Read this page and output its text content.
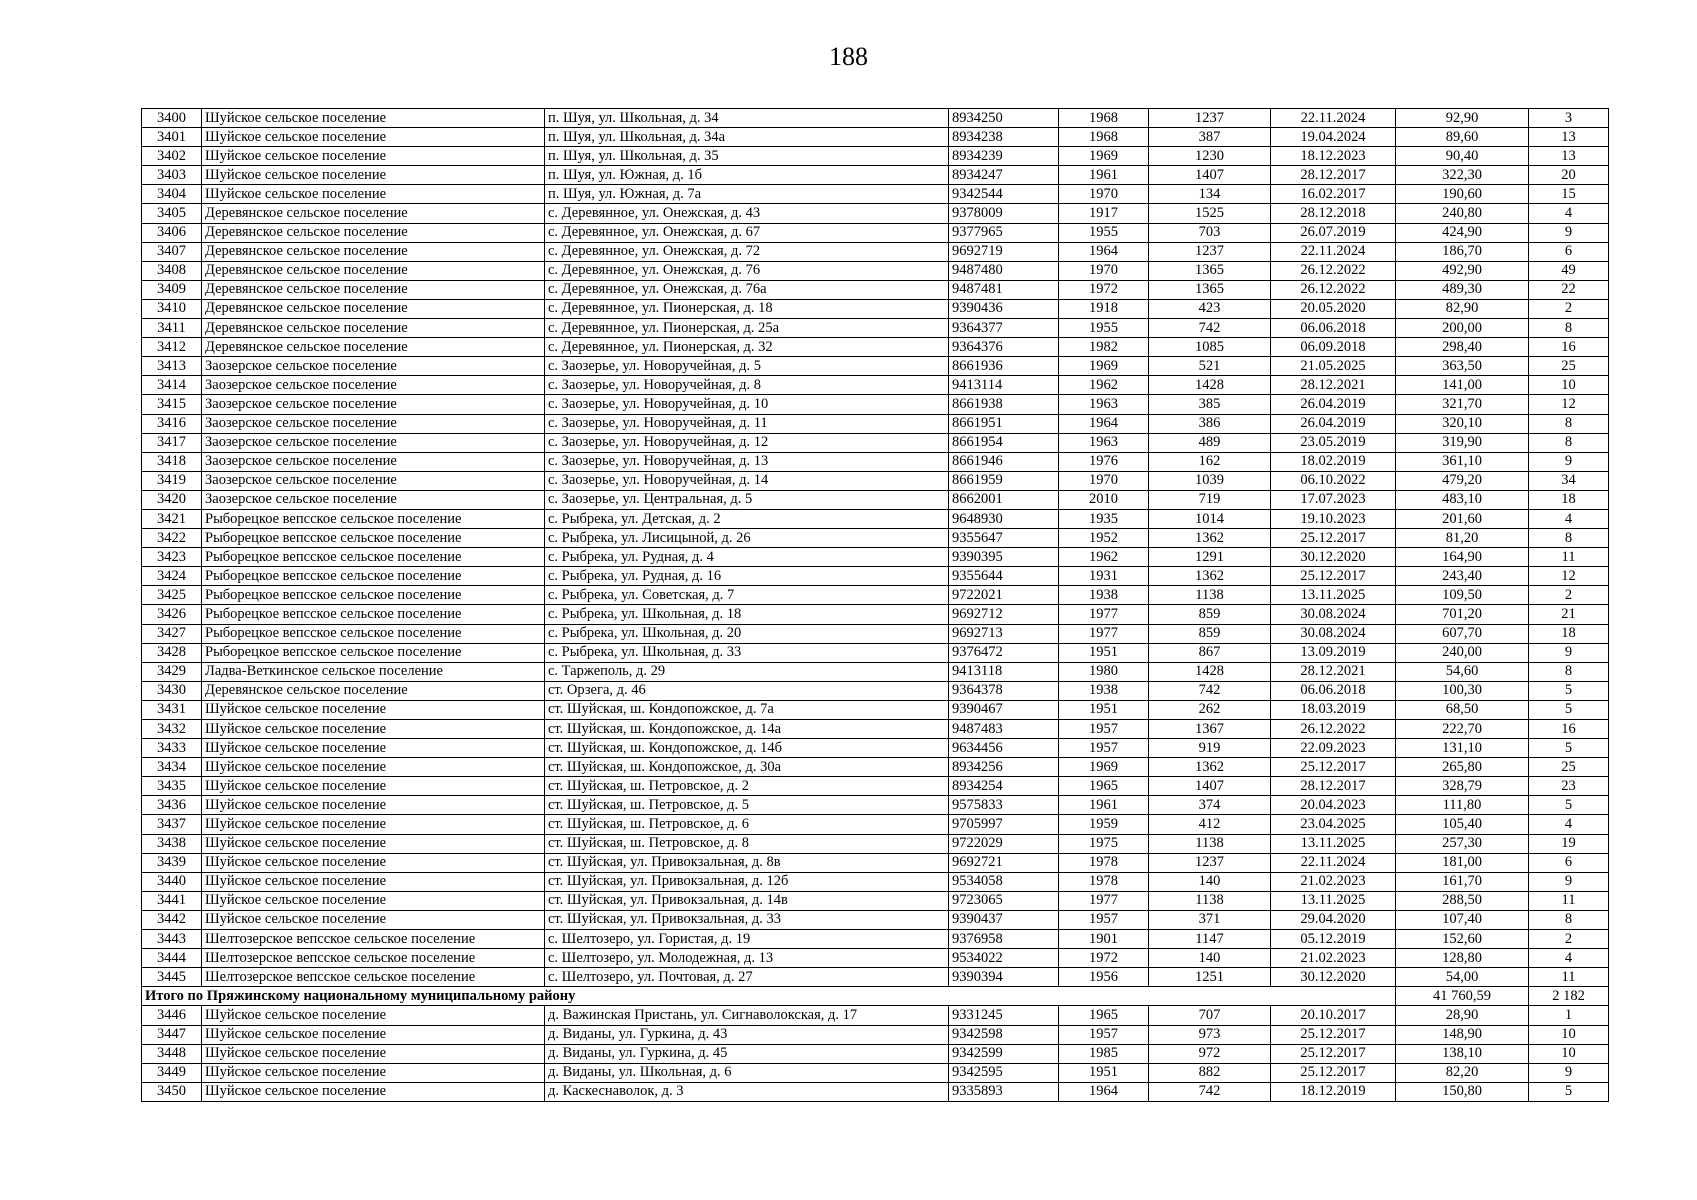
188
3400	Шуйское сельское поселение	п. Шуя, ул. Школьная, д. 34	8934250	1968	1237	22.11.2024	92,90	3
3401	Шуйское сельское поселение	п. Шуя, ул. Школьная, д. 34а	8934238	1968	387	19.04.2024	89,60	13
3402	Шуйское сельское поселение	п. Шуя, ул. Школьная, д. 35	8934239	1969	1230	18.12.2023	90,40	13
3403	Шуйское сельское поселение	п. Шуя, ул. Южная, д. 1б	8934247	1961	1407	28.12.2017	322,30	20
3404	Шуйское сельское поселение	п. Шуя, ул. Южная, д. 7а	9342544	1970	134	16.02.2017	190,60	15
3405	Деревянское сельское поселение	с. Деревянное, ул. Онежская, д. 43	9378009	1917	1525	28.12.2018	240,80	4
3406	Деревянское сельское поселение	с. Деревянное, ул. Онежская, д. 67	9377965	1955	703	26.07.2019	424,90	9
3407	Деревянское сельское поселение	с. Деревянное, ул. Онежская, д. 72	9692719	1964	1237	22.11.2024	186,70	6
3408	Деревянское сельское поселение	с. Деревянное, ул. Онежская, д. 76	9487480	1970	1365	26.12.2022	492,90	49
3409	Деревянское сельское поселение	с. Деревянное, ул. Онежская, д. 76а	9487481	1972	1365	26.12.2022	489,30	22
3410	Деревянское сельское поселение	с. Деревянное, ул. Пионерская, д. 18	9390436	1918	423	20.05.2020	82,90	2
3411	Деревянское сельское поселение	с. Деревянное, ул. Пионерская, д. 25а	9364377	1955	742	06.06.2018	200,00	8
3412	Деревянское сельское поселение	с. Деревянное, ул. Пионерская, д. 32	9364376	1982	1085	06.09.2018	298,40	16
3413	Заозерское сельское поселение	с. Заозерье, ул. Новоручейная, д. 5	8661936	1969	521	21.05.2025	363,50	25
3414	Заозерское сельское поселение	с. Заозерье, ул. Новоручейная, д. 8	9413114	1962	1428	28.12.2021	141,00	10
3415	Заозерское сельское поселение	с. Заозерье, ул. Новоручейная, д. 10	8661938	1963	385	26.04.2019	321,70	12
3416	Заозерское сельское поселение	с. Заозерье, ул. Новоручейная, д. 11	8661951	1964	386	26.04.2019	320,10	8
3417	Заозерское сельское поселение	с. Заозерье, ул. Новоручейная, д. 12	8661954	1963	489	23.05.2019	319,90	8
3418	Заозерское сельское поселение	с. Заозерье, ул. Новоручейная, д. 13	8661946	1976	162	18.02.2019	361,10	9
3419	Заозерское сельское поселение	с. Заозерье, ул. Новоручейная, д. 14	8661959	1970	1039	06.10.2022	479,20	34
3420	Заозерское сельское поселение	с. Заозерье, ул. Центральная, д. 5	8662001	2010	719	17.07.2023	483,10	18
3421	Рыборецкое вепсское сельское поселение	с. Рыбрека, ул. Детская, д. 2	9648930	1935	1014	19.10.2023	201,60	4
3422	Рыборецкое вепсское сельское поселение	с. Рыбрека, ул. Лисицыной, д. 26	9355647	1952	1362	25.12.2017	81,20	8
3423	Рыборецкое вепсское сельское поселение	с. Рыбрека, ул. Рудная, д. 4	9390395	1962	1291	30.12.2020	164,90	11
3424	Рыборецкое вепсское сельское поселение	с. Рыбрека, ул. Рудная, д. 16	9355644	1931	1362	25.12.2017	243,40	12
3425	Рыборецкое вепсское сельское поселение	с. Рыбрека, ул. Советская, д. 7	9722021	1938	1138	13.11.2025	109,50	2
3426	Рыборецкое вепсское сельское поселение	с. Рыбрека, ул. Школьная, д. 18	9692712	1977	859	30.08.2024	701,20	21
3427	Рыборецкое вепсское сельское поселение	с. Рыбрека, ул. Школьная, д. 20	9692713	1977	859	30.08.2024	607,70	18
3428	Рыборецкое вепсское сельское поселение	с. Рыбрека, ул. Школьная, д. 33	9376472	1951	867	13.09.2019	240,00	9
3429	Ладва-Веткинское сельское поселение	с. Таржеполь, д. 29	9413118	1980	1428	28.12.2021	54,60	8
3430	Деревянское сельское поселение	ст. Орзега, д. 46	9364378	1938	742	06.06.2018	100,30	5
3431	Шуйское сельское поселение	ст. Шуйская, ш. Кондопожское, д. 7а	9390467	1951	262	18.03.2019	68,50	5
3432	Шуйское сельское поселение	ст. Шуйская, ш. Кондопожское, д. 14а	9487483	1957	1367	26.12.2022	222,70	16
3433	Шуйское сельское поселение	ст. Шуйская, ш. Кондопожское, д. 14б	9634456	1957	919	22.09.2023	131,10	5
3434	Шуйское сельское поселение	ст. Шуйская, ш. Кондопожское, д. 30а	8934256	1969	1362	25.12.2017	265,80	25
3435	Шуйское сельское поселение	ст. Шуйская, ш. Петровское, д. 2	8934254	1965	1407	28.12.2017	328,79	23
3436	Шуйское сельское поселение	ст. Шуйская, ш. Петровское, д. 5	9575833	1961	374	20.04.2023	111,80	5
3437	Шуйское сельское поселение	ст. Шуйская, ш. Петровское, д. 6	9705997	1959	412	23.04.2025	105,40	4
3438	Шуйское сельское поселение	ст. Шуйская, ш. Петровское, д. 8	9722029	1975	1138	13.11.2025	257,30	19
3439	Шуйское сельское поселение	ст. Шуйская, ул. Привокзальная, д. 8в	9692721	1978	1237	22.11.2024	181,00	6
3440	Шуйское сельское поселение	ст. Шуйская, ул. Привокзальная, д. 12б	9534058	1978	140	21.02.2023	161,70	9
3441	Шуйское сельское поселение	ст. Шуйская, ул. Привокзальная, д. 14в	9723065	1977	1138	13.11.2025	288,50	11
3442	Шуйское сельское поселение	ст. Шуйская, ул. Привокзальная, д. 33	9390437	1957	371	29.04.2020	107,40	8
3443	Шелтозерское вепсское сельское поселение	с. Шелтозеро, ул. Гористая, д. 19	9376958	1901	1147	05.12.2019	152,60	2
3444	Шелтозерское вепсское сельское поселение	с. Шелтозеро, ул. Молодежная, д. 13	9534022	1972	140	21.02.2023	128,80	4
3445	Шелтозерское вепсское сельское поселение	с. Шелтозеро, ул. Почтовая, д. 27	9390394	1956	1251	30.12.2020	54,00	11
Итого по Пряжинскому национальному муниципальному району							41 760,59	2 182
3446	Шуйское сельское поселение	д. Важинская Пристань, ул. Сигнаволокская, д. 17	9331245	1965	707	20.10.2017	28,90	1
3447	Шуйское сельское поселение	д. Виданы, ул. Гуркина, д. 43	9342598	1957	973	25.12.2017	148,90	10
3448	Шуйское сельское поселение	д. Виданы, ул. Гуркина, д. 45	9342599	1985	972	25.12.2017	138,10	10
3449	Шуйское сельское поселение	д. Виданы, ул. Школьная, д. 6	9342595	1951	882	25.12.2017	82,20	9
3450	Шуйское сельское поселение	д. Каскеснаволок, д. 3	9335893	1964	742	18.12.2019	150,80	5
